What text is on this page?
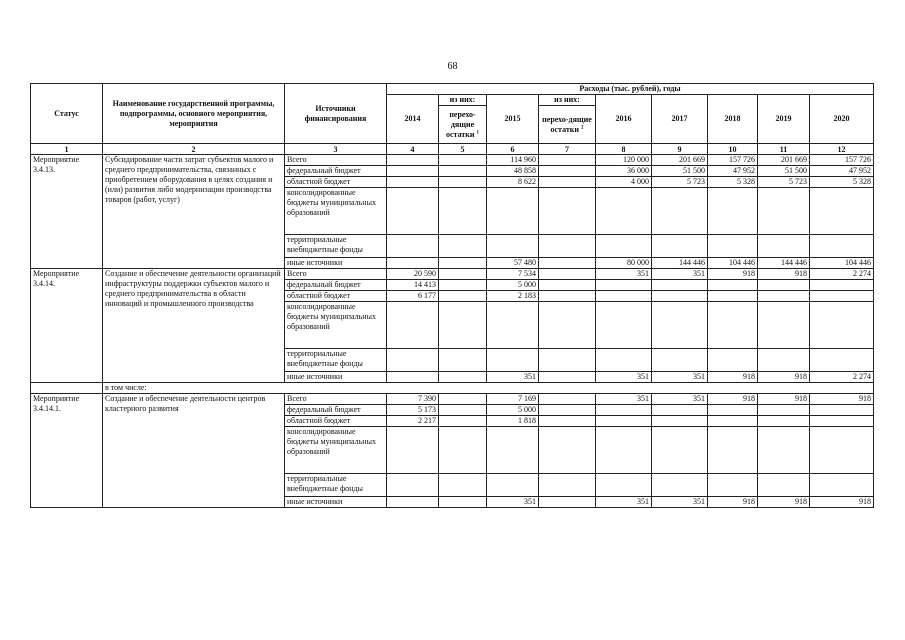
68
Статус	Наименование государственной программы, подпрограммы, основного мероприятия, мероприятия	Источники финансирования	Расходы (тыс. рублей), годы								
			2014	из них:	2015	из них:	2016	2017	2018	2019	2020
				перехо-дящие остатки $^1$		перехо-дящие остатки $^2$
1	2	3	4	5	6	7	8	9	10	11	12
Мероприятие 3.4.13.	Субсидирование части затрат субъектов малого и среднего предпринимательства, связанных с приобретением оборудования в целях создания и (или) развития либо модернизации производства товаров (работ, услуг)	Всего			114 960		120 000	201 669	157 726	201 669	157 726
		федеральный бюджет			48 858		36 000	51 500	47 952	51 500	47 952
		областной бюджет			8 622		4 000	5 723	5 328	5 723	5 328
		консолидированные бюджеты муниципальных образований									
		территориальные внебюджетные фонды									
		иные источники			57 480		80 000	144 446	104 446	144 446	104 446
Мероприятие 3.4.14.	Создание и обеспечение деятельности организаций инфраструктуры поддержки субъектов малого и среднего предпринимательства в области инноваций и промышленного производства	Всего	20 590		7 534		351	351	918	918	2 274
		федеральный бюджет	14 413		5 000						
		областной бюджет	6 177		2 183						
		консолидированные бюджеты муниципальных образований									
		территориальные внебюджетные фонды									
		иные источники			351		351	351	918	918	2 274
	в том числе:										
Мероприятие 3.4.14.1.	Создание и обеспечение деятельности центров кластерного развития	Всего	7 390		7 169		351	351	918	918	918
		федеральный бюджет	5 173		5 000						
		областной бюджет	2 217		1 818						
		консолидированные бюджеты муниципальных образований									
		территориальные внебюджетные фонды									
		иные источники			351		351	351	918	918	918
